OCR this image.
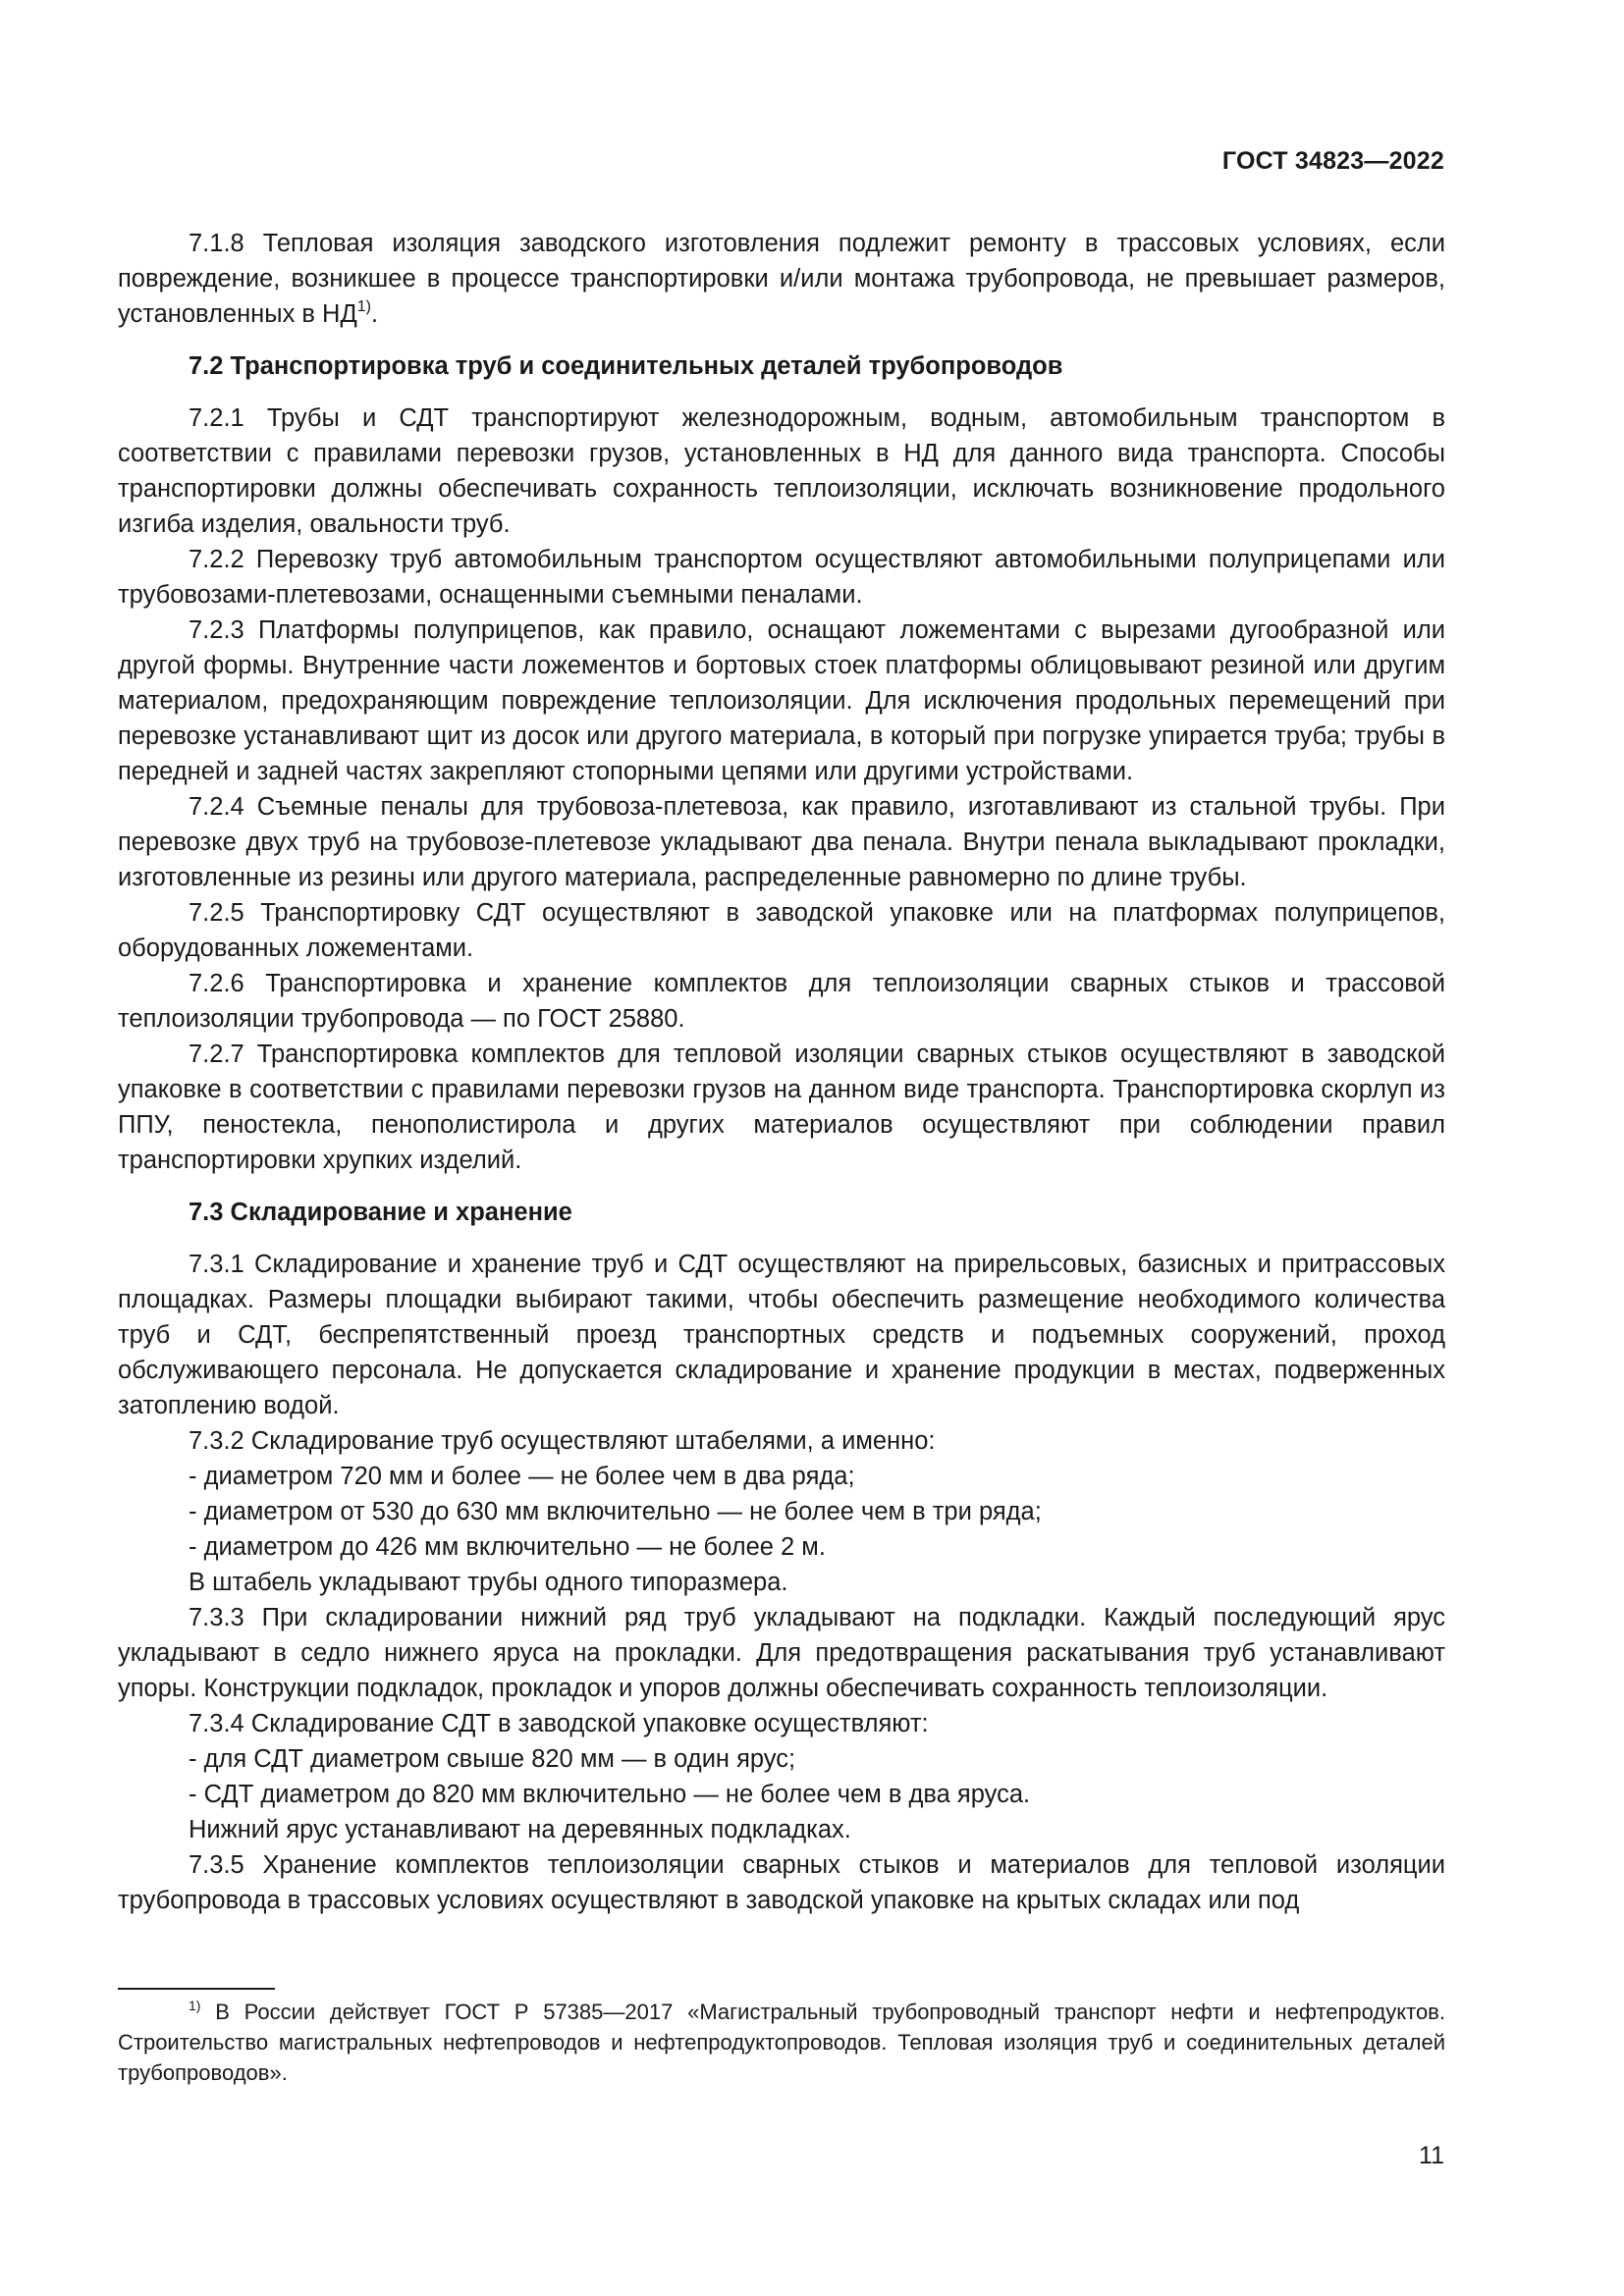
ГОСТ 34823—2022

7.1.8 Тепловая изоляция заводского изготовления подлежит ремонту в трассовых условиях, если повреждение, возникшее в процессе транспортировки и/или монтажа трубопровода, не превышает размеров, установленных в НД$^{1)}$.

7.2 Транспортировка труб и соединительных деталей трубопроводов

7.2.1 Трубы и СДТ транспортируют железнодорожным, водным, автомобильным транспортом в соответствии с правилами перевозки грузов, установленных в НД для данного вида транспорта. Способы транспортировки должны обеспечивать сохранность теплоизоляции, исключать возникновение продольного изгиба изделия, овальности труб.

7.2.2 Перевозку труб автомобильным транспортом осуществляют автомобильными полуприцепами или трубовозами-плетевозами, оснащенными съемными пеналами.

7.2.3 Платформы полуприцепов, как правило, оснащают ложементами с вырезами дугообразной или другой формы. Внутренние части ложементов и бортовых стоек платформы облицовывают резиной или другим материалом, предохраняющим повреждение теплоизоляции. Для исключения продольных перемещений при перевозке устанавливают щит из досок или другого материала, в который при погрузке упирается труба; трубы в передней и задней частях закрепляют стопорными цепями или другими устройствами.

7.2.4 Съемные пеналы для трубовоза-плетевоза, как правило, изготавливают из стальной трубы. При перевозке двух труб на трубовозе-плетевозе укладывают два пенала. Внутри пенала выкладывают прокладки, изготовленные из резины или другого материала, распределенные равномерно по длине трубы.

7.2.5 Транспортировку СДТ осуществляют в заводской упаковке или на платформах полуприцепов, оборудованных ложементами.

7.2.6 Транспортировка и хранение комплектов для теплоизоляции сварных стыков и трассовой теплоизоляции трубопровода — по ГОСТ 25880.

7.2.7 Транспортировка комплектов для тепловой изоляции сварных стыков осуществляют в заводской упаковке в соответствии с правилами перевозки грузов на данном виде транспорта. Транспортировка скорлуп из ППУ, пеностекла, пенополистирола и других материалов осуществляют при соблюдении правил транспортировки хрупких изделий.

7.3 Складирование и хранение

7.3.1 Складирование и хранение труб и СДТ осуществляют на прирельсовых, базисных и притрассовых площадках. Размеры площадки выбирают такими, чтобы обеспечить размещение необходимого количества труб и СДТ, беспрепятственный проезд транспортных средств и подъемных сооружений, проход обслуживающего персонала. Не допускается складирование и хранение продукции в местах, подверженных затоплению водой.

7.3.2 Складирование труб осуществляют штабелями, а именно:

- диаметром 720 мм и более — не более чем в два ряда;

- диаметром от 530 до 630 мм включительно — не более чем в три ряда;

- диаметром до 426 мм включительно — не более 2 м.

В штабель укладывают трубы одного типоразмера.

7.3.3 При складировании нижний ряд труб укладывают на подкладки. Каждый последующий ярус укладывают в седло нижнего яруса на прокладки. Для предотвращения раскатывания труб устанавливают упоры. Конструкции подкладок, прокладок и упоров должны обеспечивать сохранность теплоизоляции.

7.3.4 Складирование СДТ в заводской упаковке осуществляют:

- для СДТ диаметром свыше 820 мм — в один ярус;

- СДТ диаметром до 820 мм включительно — не более чем в два яруса.

Нижний ярус устанавливают на деревянных подкладках.

7.3.5 Хранение комплектов теплоизоляции сварных стыков и материалов для тепловой изоляции трубопровода в трассовых условиях осуществляют в заводской упаковке на крытых складах или под

$^{1)}$ В России действует ГОСТ Р 57385—2017 «Магистральный трубопроводный транспорт нефти и нефтепродуктов. Строительство магистральных нефтепроводов и нефтепродуктопроводов. Тепловая изоляция труб и соединительных деталей трубопроводов».

11
